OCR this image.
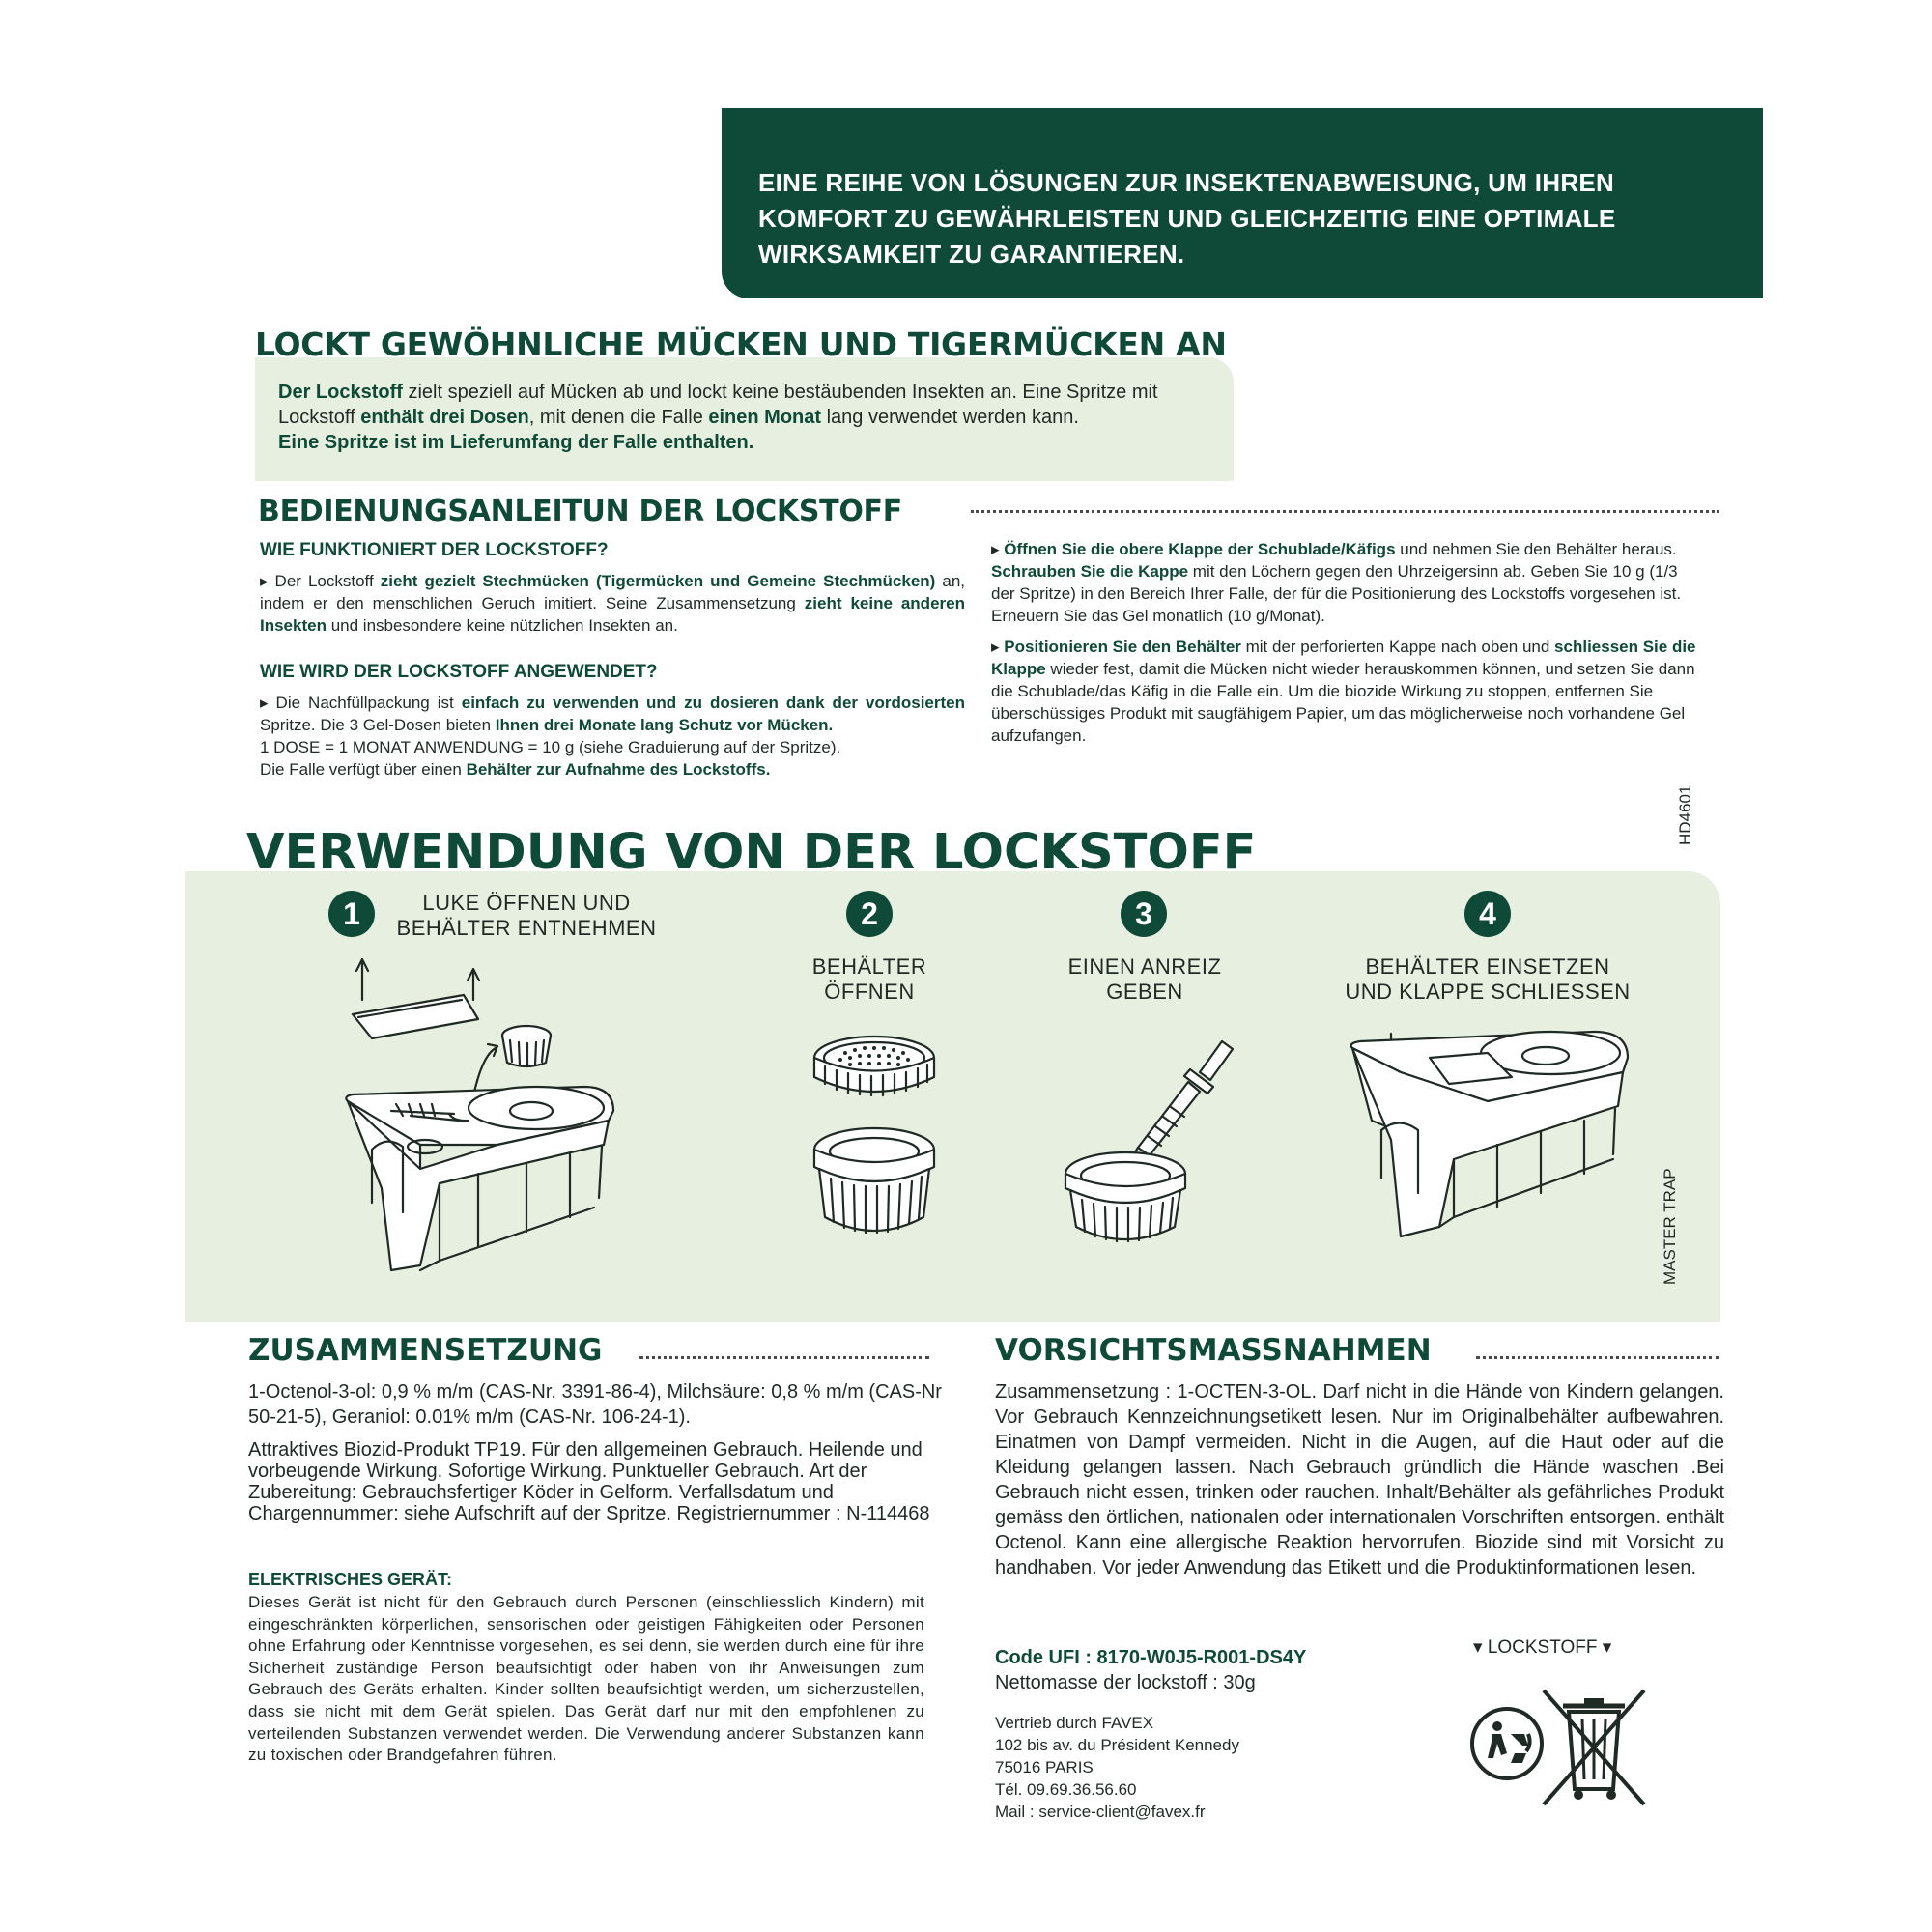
EINE REIHE VON LÖSUNGEN ZUR INSEKTENABWEISUNG, UM IHREN
KOMFORT ZU GEWÄHRLEISTEN UND GLEICHZEITIG EINE OPTIMALE
WIRKSAMKEIT ZU GARANTIEREN.
Der Lockstoff zielt speziell auf Mücken ab und lockt keine bestäubenden Insekten an. Eine Spritze mit Lockstoff enthält drei Dosen, mit denen die Falle einen Monat lang verwendet werden kann.
Eine Spritze ist im Lieferumfang der Falle enthalten.
LOCKT GEWÖHNLICHE MÜCKEN UND TIGERMÜCKEN AN
BEDIENUNGSANLEITUN DER LOCKSTOFF
WIE FUNKTIONIERT DER LOCKSTOFF?
▸ Der Lockstoff zieht gezielt Stechmücken (Tigermücken und Gemeine Stechmücken) an, indem er den menschlichen Geruch imitiert. Seine Zusammensetzung zieht keine anderen Insekten und insbesondere keine nützlichen Insekten an.
WIE WIRD DER LOCKSTOFF ANGEWENDET?
▸ Die Nachfüllpackung ist einfach zu verwenden und zu dosieren dank der vordosierten Spritze. Die 3 Gel-Dosen bieten Ihnen drei Monate lang Schutz vor Mücken.
1 DOSE = 1 MONAT ANWENDUNG = 10 g (siehe Graduierung auf der Spritze).
Die Falle verfügt über einen Behälter zur Aufnahme des Lockstoffs.

▸ Öffnen Sie die obere Klappe der Schublade/Käfigs und nehmen Sie den Behälter heraus.
Schrauben Sie die Kappe mit den Löchern gegen den Uhrzeigersinn ab. Geben Sie 10 g (1/3 der Spritze) in den Bereich Ihrer Falle, der für die Positionierung des Lockstoffs vorgesehen ist. Erneuern Sie das Gel monatlich (10 g/Monat).

▸ Positionieren Sie den Behälter mit der perforierten Kappe nach oben und schliessen Sie die Klappe wieder fest, damit die Mücken nicht wieder herauskommen können, und setzen Sie dann die Schublade/das Käfig in die Falle ein. Um die biozide Wirkung zu stoppen, entfernen Sie überschüssiges Produkt mit saugfähigem Papier, um das möglicherweise noch vorhandene Gel aufzufangen.

HD4601
VERWENDUNG VON DER LOCKSTOFF
1	LUKE ÖFFNEN UND
BEHÄLTER ENTNEHMEN	2
BEHÄLTER
ÖFFNEN
3
EINEN ANREIZ
GEBEN
4
BEHÄLTER EINSETZEN
UND KLAPPE SCHLIESSEN
MASTER TRAP
ZUSAMMENSETZUNG
1-Octenol-3-ol: 0,9 % m/m (CAS-Nr. 3391-86-4), Milchsäure: 0,8 % m/m (CAS-Nr 50-21-5), Geraniol: 0.01% m/m (CAS-Nr. 106-24-1).
Attraktives Biozid-Produkt TP19. Für den allgemeinen Gebrauch. Heilende und vorbeugende Wirkung. Sofortige Wirkung. Punktueller Gebrauch. Art der Zubereitung: Gebrauchsfertiger Köder in Gelform. Verfallsdatum und Chargennummer: siehe Aufschrift auf der Spritze. Registriernummer : N-114468
ELEKTRISCHES GERÄT:
Dieses Gerät ist nicht für den Gebrauch durch Personen (einschliesslich Kindern) mit eingeschränkten körperlichen, sensorischen oder geistigen Fähigkeiten oder Personen ohne Erfahrung oder Kenntnisse vorgesehen, es sei denn, sie werden durch eine für ihre Sicherheit zuständige Person beaufsichtigt oder haben von ihr Anweisungen zum Gebrauch des Geräts erhalten. Kinder sollten beaufsichtigt werden, um sicherzustellen, dass sie nicht mit dem Gerät spielen. Das Gerät darf nur mit den empfohlenen zu verteilenden Substanzen verwendet werden. Die Verwendung anderer Substanzen kann zu toxischen oder Brandgefahren führen.
VORSICHTSMASSNAHMEN
Zusammensetzung : 1-OCTEN-3-OL. Darf nicht in die Hände von Kindern gelangen. Vor Gebrauch Kennzeichnungsetikett lesen. Nur im Originalbehälter aufbewahren. Einatmen von Dampf vermeiden. Nicht in die Augen, auf die Haut oder auf die Kleidung gelangen lassen. Nach Gebrauch gründlich die Hände waschen .Bei Gebrauch nicht essen, trinken oder rauchen. Inhalt/Behälter als gefährliches Produkt gemäss den örtlichen, nationalen oder internationalen Vorschriften entsorgen. enthält Octenol. Kann eine allergische Reaktion hervorrufen. Biozide sind mit Vorsicht zu handhaben. Vor jeder Anwendung das Etikett und die Produktinformationen lesen.
Code UFI : 8170-W0J5-R001-DS4Y
Nettomasse der lockstoff : 30g
Vertrieb durch FAVEX
102 bis av. du Président Kennedy
75016 PARIS
Tél. 09.69.36.56.60
Mail : service-client@favex.fr
▾ LOCKSTOFF ▾
